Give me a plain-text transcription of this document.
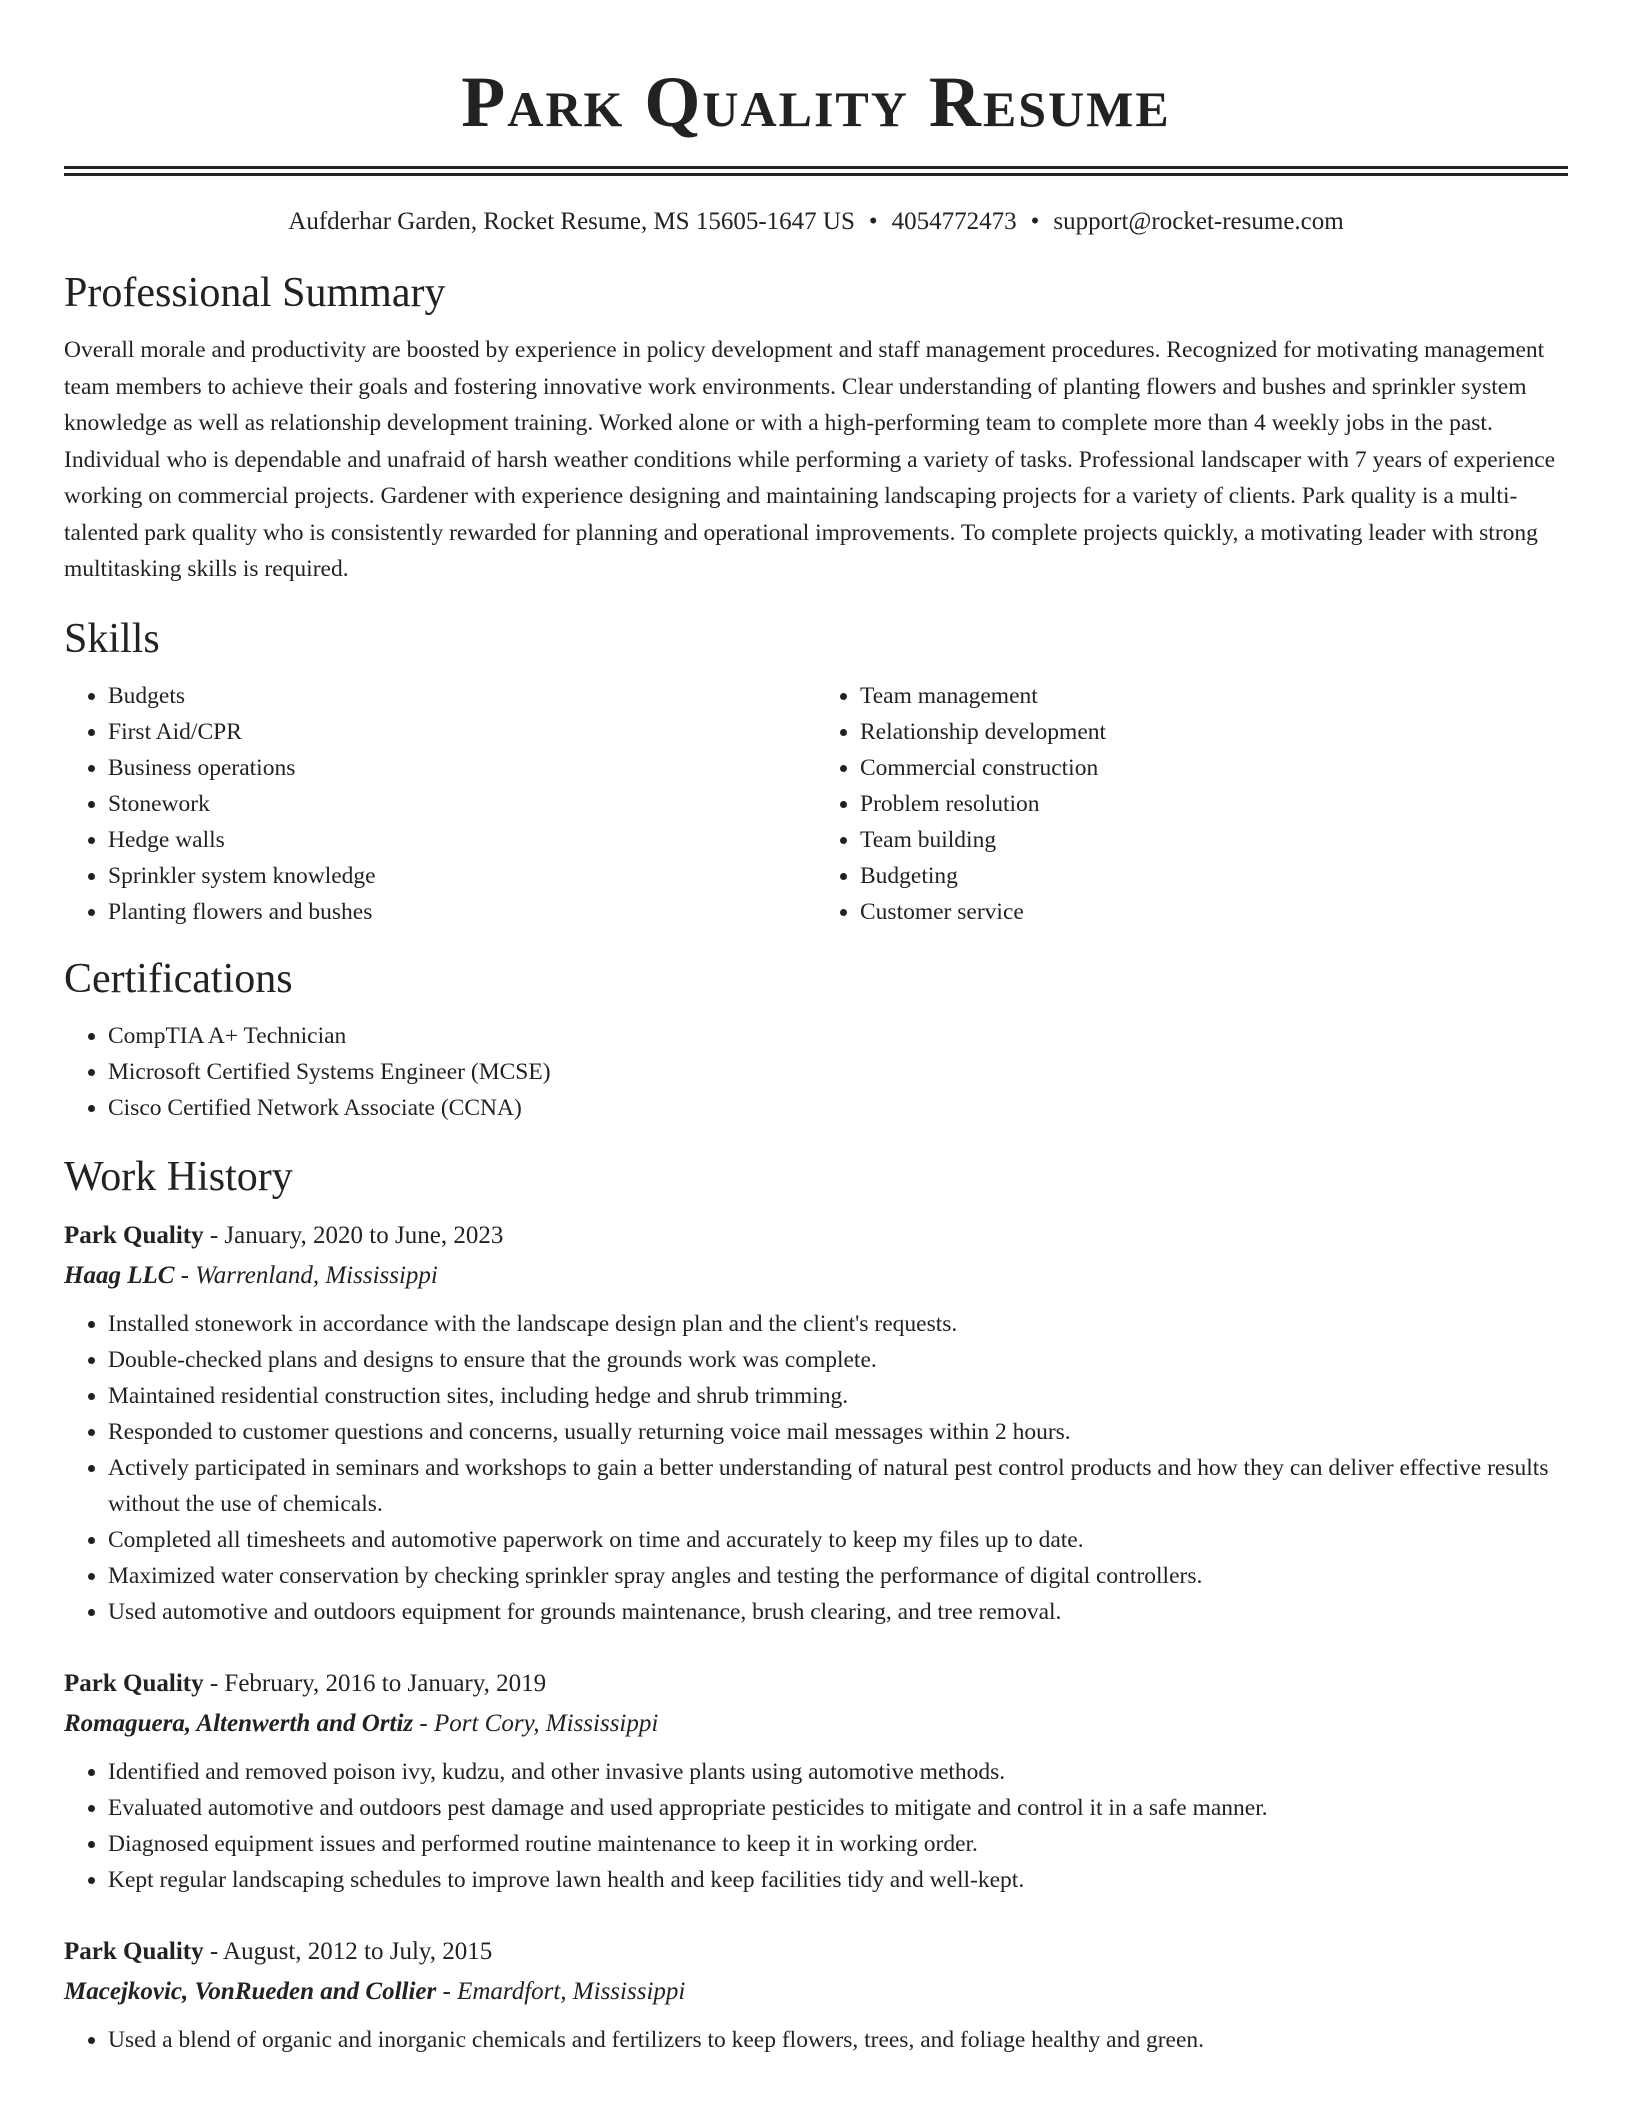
Park Quality Resume
Aufderhar Garden, Rocket Resume, MS 15605-1647 US • 4054772473 • support@rocket-resume.com
Professional Summary
Overall morale and productivity are boosted by experience in policy development and staff management procedures. Recognized for motivating management team members to achieve their goals and fostering innovative work environments. Clear understanding of planting flowers and bushes and sprinkler system knowledge as well as relationship development training. Worked alone or with a high-performing team to complete more than 4 weekly jobs in the past. Individual who is dependable and unafraid of harsh weather conditions while performing a variety of tasks. Professional landscaper with 7 years of experience working on commercial projects. Gardener with experience designing and maintaining landscaping projects for a variety of clients. Park quality is a multi-talented park quality who is consistently rewarded for planning and operational improvements. To complete projects quickly, a motivating leader with strong multitasking skills is required.
Skills
• Budgets
• First Aid/CPR
• Business operations
• Stonework
• Hedge walls
• Sprinkler system knowledge
• Planting flowers and bushes
• Team management
• Relationship development
• Commercial construction
• Problem resolution
• Team building
• Budgeting
• Customer service
Certifications
• CompTIA A+ Technician
• Microsoft Certified Systems Engineer (MCSE)
• Cisco Certified Network Associate (CCNA)
Work History
Park Quality - January, 2020 to June, 2023
Haag LLC - Warrenland, Mississippi
• Installed stonework in accordance with the landscape design plan and the client's requests.
• Double-checked plans and designs to ensure that the grounds work was complete.
• Maintained residential construction sites, including hedge and shrub trimming.
• Responded to customer questions and concerns, usually returning voice mail messages within 2 hours.
• Actively participated in seminars and workshops to gain a better understanding of natural pest control products and how they can deliver effective results without the use of chemicals.
• Completed all timesheets and automotive paperwork on time and accurately to keep my files up to date.
• Maximized water conservation by checking sprinkler spray angles and testing the performance of digital controllers.
• Used automotive and outdoors equipment for grounds maintenance, brush clearing, and tree removal.
Park Quality - February, 2016 to January, 2019
Romaguera, Altenwerth and Ortiz - Port Cory, Mississippi
• Identified and removed poison ivy, kudzu, and other invasive plants using automotive methods.
• Evaluated automotive and outdoors pest damage and used appropriate pesticides to mitigate and control it in a safe manner.
• Diagnosed equipment issues and performed routine maintenance to keep it in working order.
• Kept regular landscaping schedules to improve lawn health and keep facilities tidy and well-kept.
Park Quality - August, 2012 to July, 2015
Macejkovic, VonRueden and Collier - Emardfort, Mississippi
• Used a blend of organic and inorganic chemicals and fertilizers to keep flowers, trees, and foliage healthy and green.
